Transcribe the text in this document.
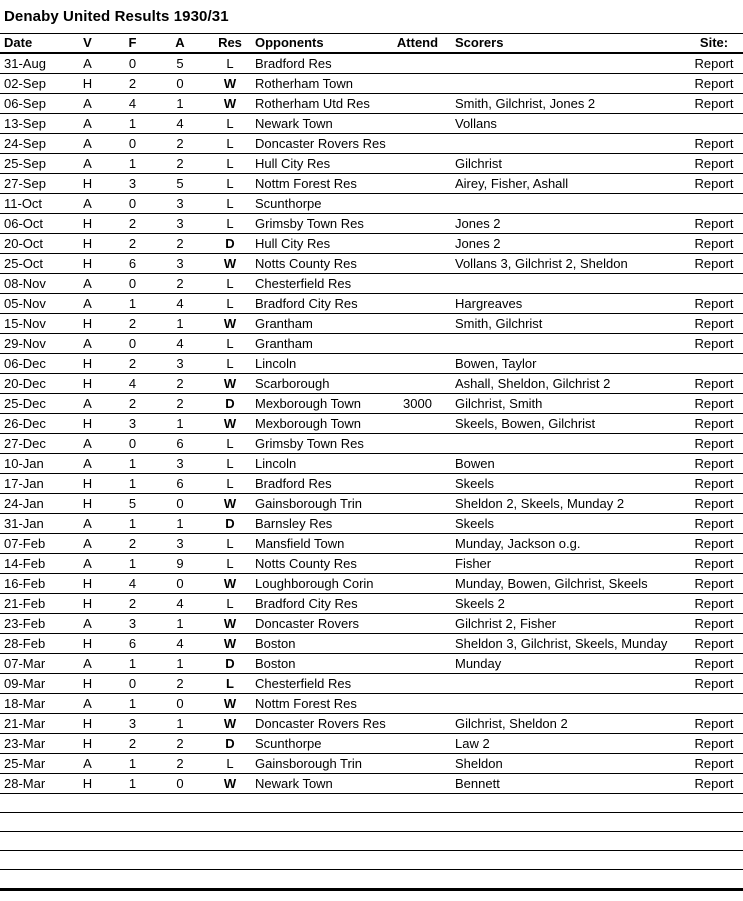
Denaby United Results 1930/31
Date	V	F	A	Res	Opponents	Attend	Scorers	Site:
31-Aug	A	0	5	L	Bradford Res			Report
02-Sep	H	2	0	W	Rotherham Town			Report
06-Sep	A	4	1	W	Rotherham Utd Res		Smith, Gilchrist, Jones 2	Report
13-Sep	A	1	4	L	Newark Town		Vollans	
24-Sep	A	0	2	L	Doncaster Rovers Res			Report
25-Sep	A	1	2	L	Hull City Res		Gilchrist	Report
27-Sep	H	3	5	L	Nottm Forest Res		Airey, Fisher, Ashall	Report
11-Oct	A	0	3	L	Scunthorpe			
06-Oct	H	2	3	L	Grimsby Town Res		Jones 2	Report
20-Oct	H	2	2	D	Hull City Res		Jones 2	Report
25-Oct	H	6	3	W	Notts County Res		Vollans 3, Gilchrist 2, Sheldon	Report
08-Nov	A	0	2	L	Chesterfield Res			
05-Nov	A	1	4	L	Bradford City Res		Hargreaves	Report
15-Nov	H	2	1	W	Grantham		Smith, Gilchrist	Report
29-Nov	A	0	4	L	Grantham			Report
06-Dec	H	2	3	L	Lincoln		Bowen, Taylor	
20-Dec	H	4	2	W	Scarborough		Ashall, Sheldon, Gilchrist 2	Report
25-Dec	A	2	2	D	Mexborough Town	3000	Gilchrist, Smith	Report
26-Dec	H	3	1	W	Mexborough Town		Skeels, Bowen, Gilchrist	Report
27-Dec	A	0	6	L	Grimsby Town Res			Report
10-Jan	A	1	3	L	Lincoln		Bowen	Report
17-Jan	H	1	6	L	Bradford Res		Skeels	Report
24-Jan	H	5	0	W	Gainsborough Trin		Sheldon 2, Skeels, Munday 2	Report
31-Jan	A	1	1	D	Barnsley Res		Skeels	Report
07-Feb	A	2	3	L	Mansfield Town		Munday, Jackson o.g.	Report
14-Feb	A	1	9	L	Notts County Res		Fisher	Report
16-Feb	H	4	0	W	Loughborough Corin		Munday, Bowen, Gilchrist, Skeels	Report
21-Feb	H	2	4	L	Bradford City Res		Skeels 2	Report
23-Feb	A	3	1	W	Doncaster Rovers		Gilchrist 2, Fisher	Report
28-Feb	H	6	4	W	Boston		Sheldon 3, Gilchrist, Skeels, Munday	Report
07-Mar	A	1	1	D	Boston		Munday	Report
09-Mar	H	0	2	L	Chesterfield Res			Report
18-Mar	A	1	0	W	Nottm Forest Res			
21-Mar	H	3	1	W	Doncaster Rovers Res		Gilchrist, Sheldon 2	Report
23-Mar	H	2	2	D	Scunthorpe		Law 2	Report
25-Mar	A	1	2	L	Gainsborough Trin		Sheldon	Report
28-Mar	H	1	0	W	Newark Town		Bennett	Report
